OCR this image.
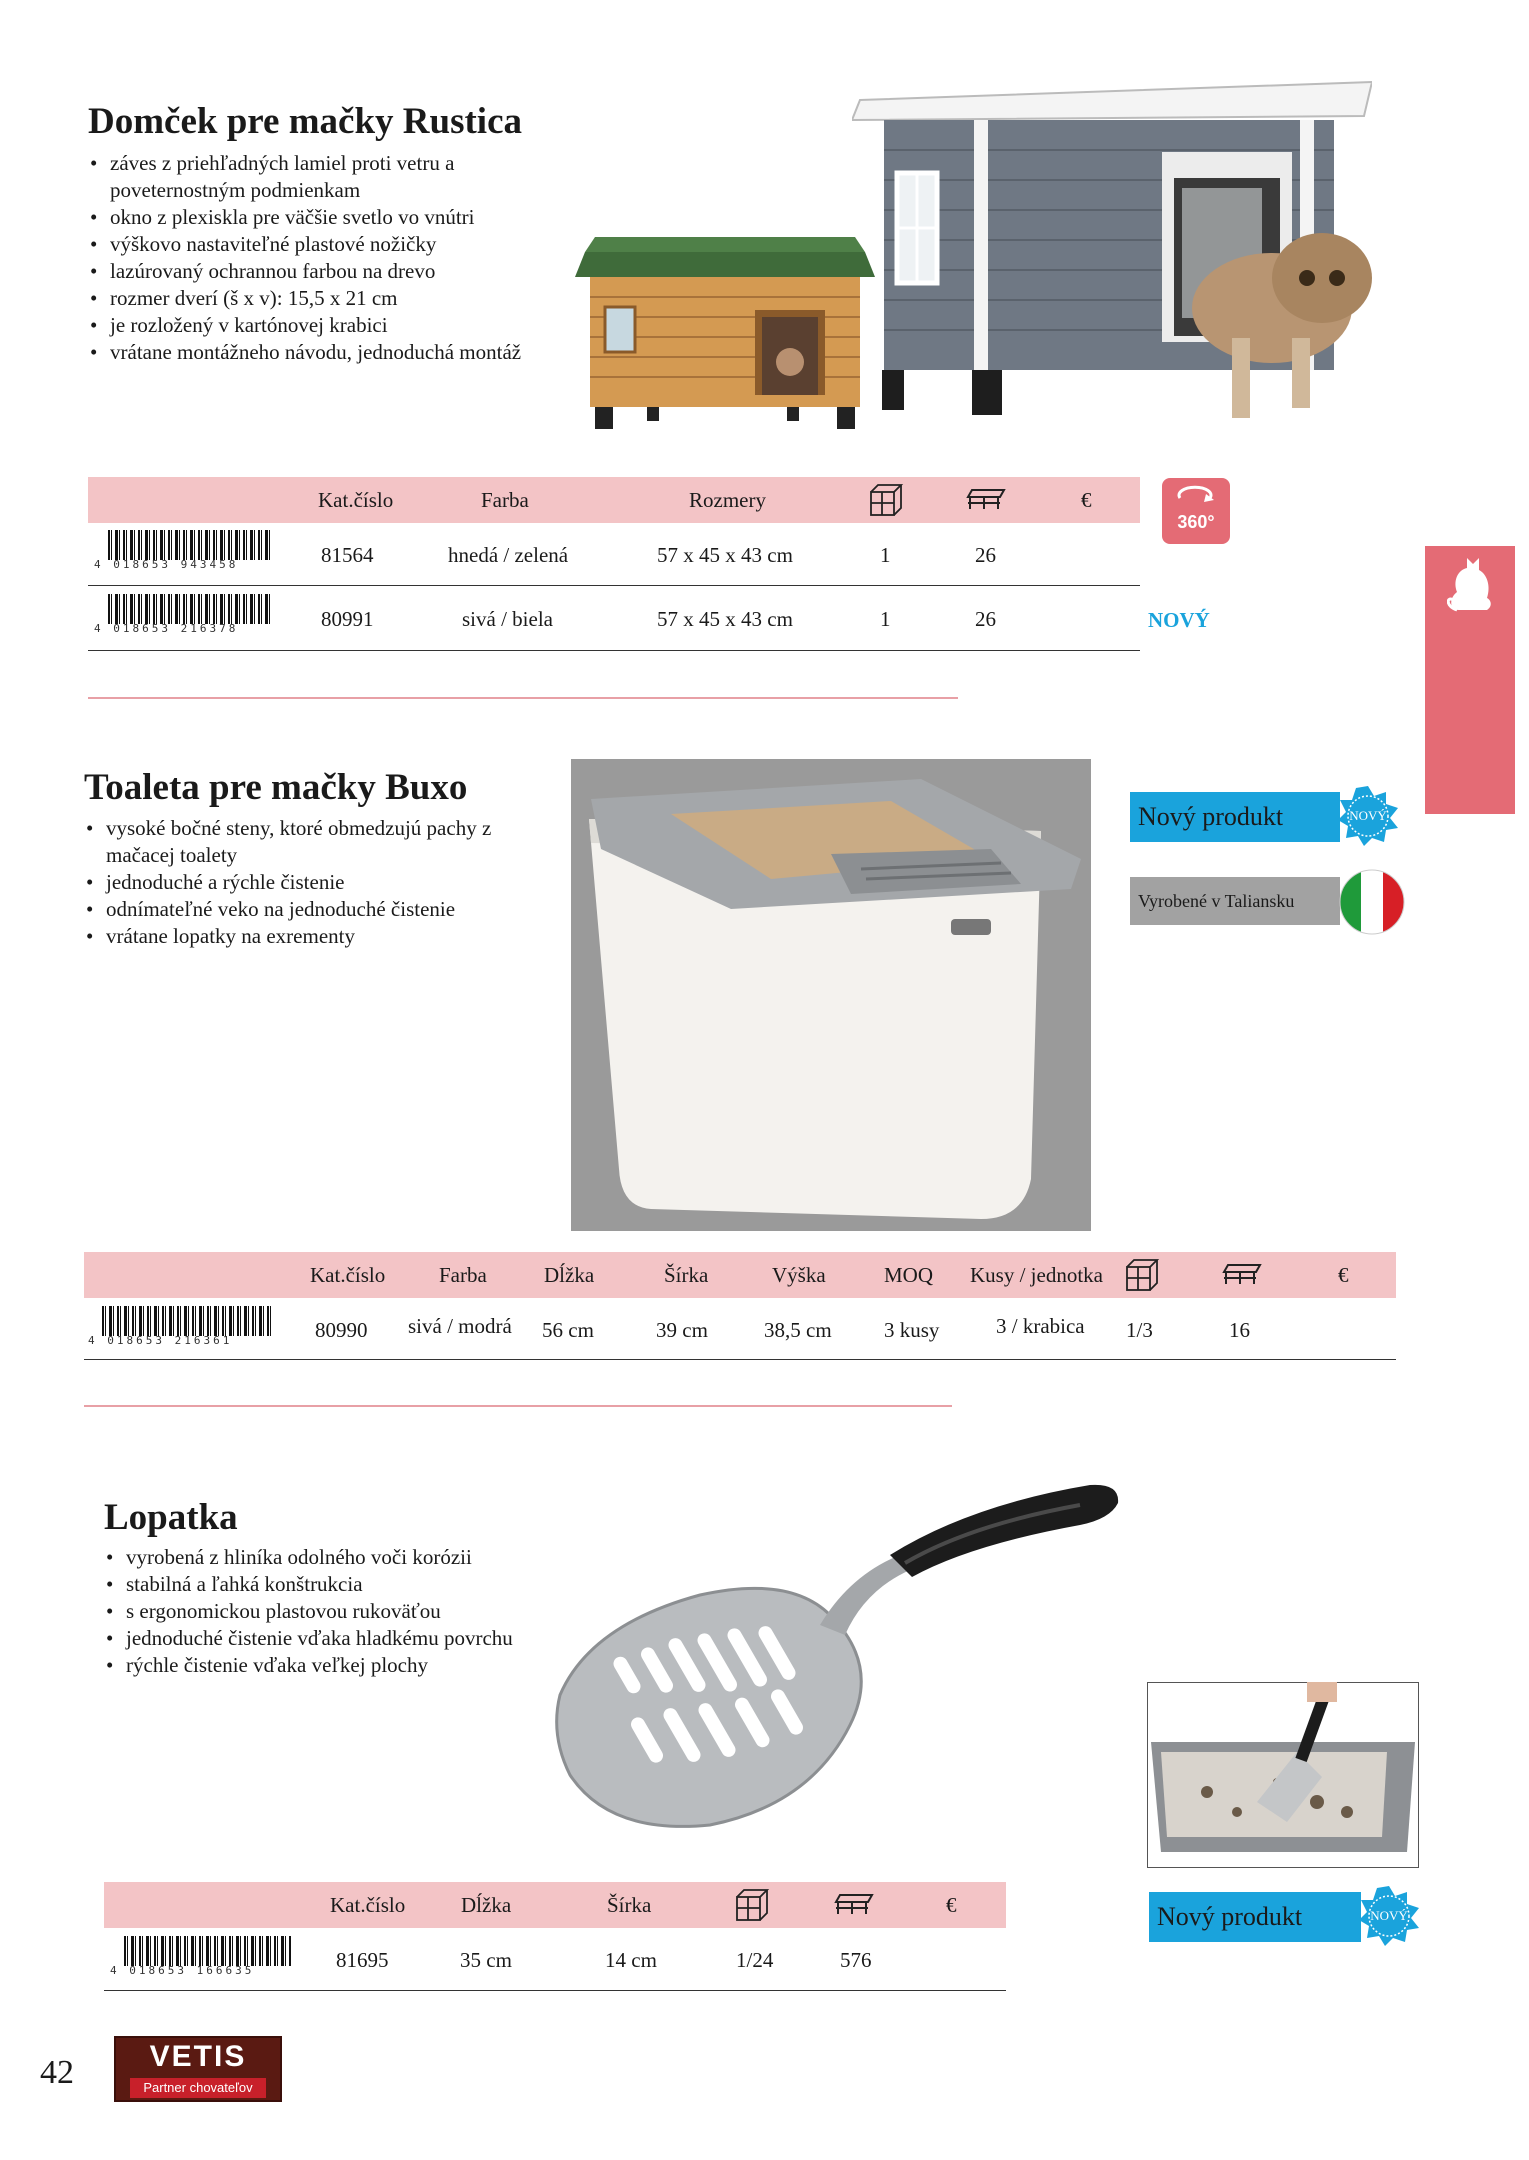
Domček pre mačky Rustica
• záves z priehľadných lamiel proti vetru a
poveternostným podmienkam
• okno z plexiskla pre väčšie svetlo vo vnútri
• výškovo nastaviteľné plastové nožičky
• lazúrovaný ochrannou farbou na drevo
• rozmer dverí (š x v): 15,5 x 21 cm
• je rozložený v kartónovej krabici
• vrátane montážneho návodu, jednoduchá montáž
Kat.číslo	Farba	Rozmery	€
360°
4 018653 943458	81564	hnedá / zelená	57 x 45 x 43 cm	1	26
4 018653 216378	80991	sivá / biela	57 x 45 x 43 cm	1	26	NOVÝ
Toaleta pre mačky Buxo
• vysoké bočné steny, ktoré obmedzujú pachy z
mačacej toalety
• jednoduché a rýchle čistenie
• odnímateľné veko na jednoduché čistenie
• vrátane lopatky na exrementy
Nový produkt	NOVÝ
Vyrobené v Taliansku
Kat.číslo	Farba	Dĺžka	Šírka	Výška	MOQ Kusy / jednotka	€
4 018653 216361	80990 sivá / modrá 56 cm	39 cm	38,5 cm 3 kusy	3 / krabica 1/3	16
Lopatka
• vyrobená z hliníka odolného voči korózii
• stabilná a ľahká konštrukcia
• s ergonomickou plastovou rukoväťou
• jednoduché čistenie vďaka hladkému povrchu
• rýchle čistenie vďaka veľkej plochy
Nový produkt	NOVÝ
Kat.číslo	Dĺžka	Šírka	€
4 018653 166635	81695	35 cm	14 cm	1/24	576
42	VETIS
Partner chovateľov
